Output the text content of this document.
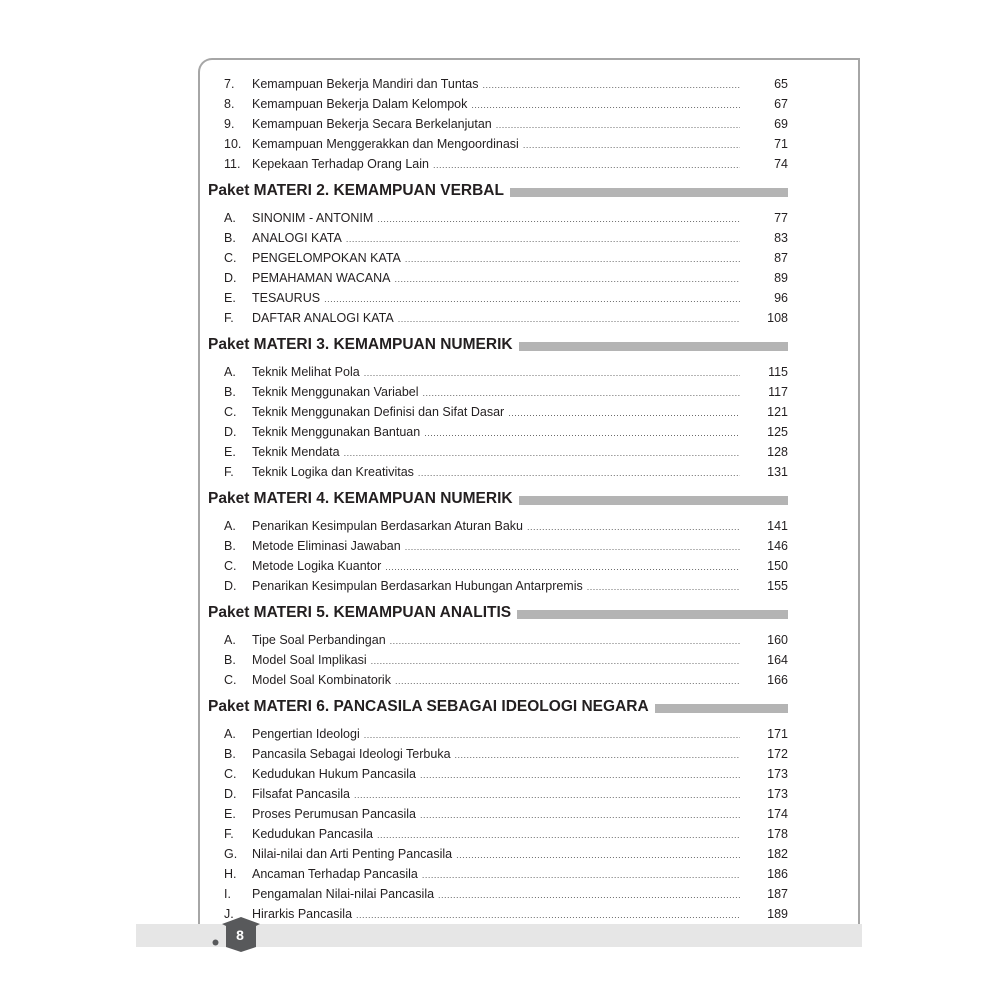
7.	Kemampuan Bekerja Mandiri dan Tuntas .....	65
8.	Kemampuan Bekerja Dalam Kelompok .....	67
9.	Kemampuan Bekerja Secara Berkelanjutan .....	69
10. Kemampuan Menggerakkan dan Mengoordinasi .....	71
11. Kepekaan Terhadap Orang Lain .....	74
Paket MATERI 2. KEMAMPUAN VERBAL
A.	SINONIM - ANTONIM .....	77
B.	ANALOGI KATA .....	83
C.	PENGELOMPOKAN KATA .....	87
D.	PEMAHAMAN WACANA .....	89
E.	TESAURUS .....	96
F.	DAFTAR ANALOGI KATA .....	108
Paket MATERI 3. KEMAMPUAN NUMERIK
A.	Teknik Melihat Pola .....	115
B.	Teknik Menggunakan Variabel .....	117
C.	Teknik Menggunakan Definisi dan Sifat Dasar .....	121
D.	Teknik Menggunakan Bantuan .....	125
E.	Teknik Mendata .....	128
F.	Teknik Logika dan Kreativitas .....	131
Paket MATERI 4. KEMAMPUAN NUMERIK
A.	Penarikan Kesimpulan Berdasarkan Aturan Baku .....	141
B.	Metode Eliminasi Jawaban .....	146
C.	Metode Logika Kuantor .....	150
D.	Penarikan Kesimpulan Berdasarkan Hubungan Antarpremis .....	155
Paket MATERI 5. KEMAMPUAN ANALITIS
A.	Tipe Soal Perbandingan .....	160
B.	Model Soal Implikasi .....	164
C.	Model Soal Kombinatorik .....	166
Paket MATERI 6. PANCASILA SEBAGAI IDEOLOGI NEGARA
A.	Pengertian Ideologi .....	171
B.	Pancasila Sebagai Ideologi Terbuka .....	172
C.	Kedudukan Hukum Pancasila .....	173
D.	Filsafat Pancasila .....	173
E.	Proses Perumusan Pancasila .....	174
F.	Kedudukan Pancasila .....	178
G.	Nilai-nilai dan Arti Penting Pancasila .....	182
H.	Ancaman Terhadap Pancasila .....	186
I.	Pengamalan Nilai-nilai Pancasila .....	187
J.	Hirarkis Pancasila .....	189
8
